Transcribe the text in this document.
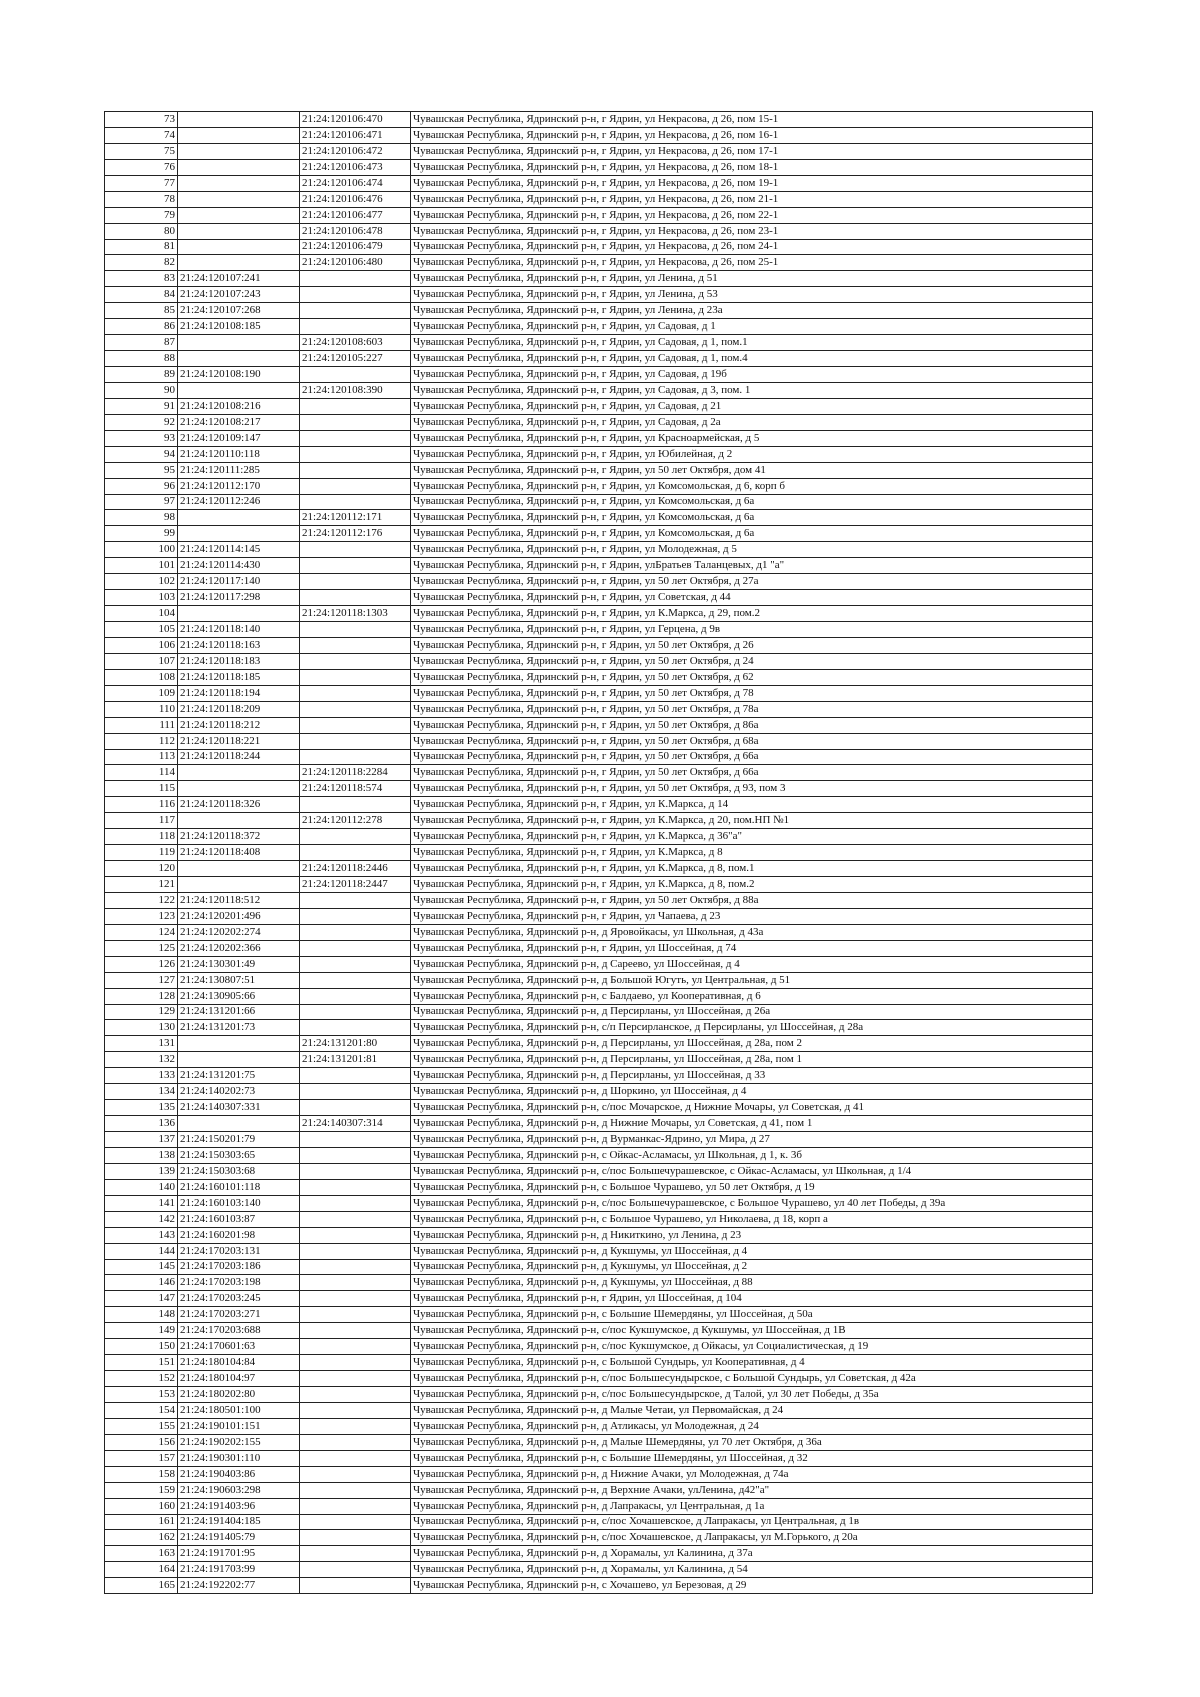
73		21:24:120106:470	Чувашская Республика, Ядринский р-н, г Ядрин, ул Некрасова, д 26, пом 15-1
74		21:24:120106:471	Чувашская Республика, Ядринский р-н, г Ядрин, ул Некрасова, д 26, пом 16-1
75		21:24:120106:472	Чувашская Республика, Ядринский р-н, г Ядрин, ул Некрасова, д 26, пом 17-1
76		21:24:120106:473	Чувашская Республика, Ядринский р-н, г Ядрин, ул Некрасова, д 26, пом 18-1
77		21:24:120106:474	Чувашская Республика, Ядринский р-н, г Ядрин, ул Некрасова, д 26, пом 19-1
78		21:24:120106:476	Чувашская Республика, Ядринский р-н, г Ядрин, ул Некрасова, д 26, пом 21-1
79		21:24:120106:477	Чувашская Республика, Ядринский р-н, г Ядрин, ул Некрасова, д 26, пом 22-1
80		21:24:120106:478	Чувашская Республика, Ядринский р-н, г Ядрин, ул Некрасова, д 26, пом 23-1
81		21:24:120106:479	Чувашская Республика, Ядринский р-н, г Ядрин, ул Некрасова, д 26, пом 24-1
82		21:24:120106:480	Чувашская Республика, Ядринский р-н, г Ядрин, ул Некрасова, д 26, пом 25-1
83	21:24:120107:241		Чувашская Республика, Ядринский р-н, г Ядрин, ул Ленина, д 51
84	21:24:120107:243		Чувашская Республика, Ядринский р-н, г Ядрин, ул Ленина, д 53
85	21:24:120107:268		Чувашская Республика, Ядринский р-н, г Ядрин, ул Ленина, д 23а
86	21:24:120108:185		Чувашская Республика, Ядринский р-н, г Ядрин, ул Садовая, д 1
87		21:24:120108:603	Чувашская Республика, Ядринский р-н, г Ядрин, ул Садовая, д 1, пом.1
88		21:24:120105:227	Чувашская Республика, Ядринский р-н, г Ядрин, ул Садовая, д 1, пом.4
89	21:24:120108:190		Чувашская Республика, Ядринский р-н, г Ядрин, ул Садовая, д 19б
90		21:24:120108:390	Чувашская Республика, Ядринский р-н, г Ядрин, ул Садовая, д 3, пом. 1
91	21:24:120108:216		Чувашская Республика, Ядринский р-н, г Ядрин, ул Садовая, д 21
92	21:24:120108:217		Чувашская Республика, Ядринский р-н, г Ядрин, ул Садовая, д 2а
93	21:24:120109:147		Чувашская Республика, Ядринский р-н, г Ядрин, ул Красноармейская, д 5
94	21:24:120110:118		Чувашская Республика, Ядринский р-н, г Ядрин, ул Юбилейная, д 2
95	21:24:120111:285		Чувашская Республика, Ядринский р-н, г Ядрин, ул 50 лет Октября, дом 41
96	21:24:120112:170		Чувашская Республика, Ядринский р-н, г Ядрин, ул Комсомольская, д 6, корп б
97	21:24:120112:246		Чувашская Республика, Ядринский р-н, г Ядрин, ул Комсомольская, д 6а
98		21:24:120112:171	Чувашская Республика, Ядринский р-н, г Ядрин, ул Комсомольская, д 6а
99		21:24:120112:176	Чувашская Республика, Ядринский р-н, г Ядрин, ул Комсомольская, д 6а
100	21:24:120114:145		Чувашская Республика, Ядринский р-н, г Ядрин, ул Молодежная, д 5
101	21:24:120114:430		Чувашская Республика, Ядринский р-н, г Ядрин, улБратьев Таланцевых, д1 "а"
102	21:24:120117:140		Чувашская Республика, Ядринский р-н, г Ядрин, ул 50 лет Октября, д 27а
103	21:24:120117:298		Чувашская Республика, Ядринский р-н, г Ядрин, ул Советская, д 44
104		21:24:120118:1303	Чувашская Республика, Ядринский р-н, г Ядрин, ул К.Маркса, д 29, пом.2
105	21:24:120118:140		Чувашская Республика, Ядринский р-н, г Ядрин, ул Герцена, д 9в
106	21:24:120118:163		Чувашская Республика, Ядринский р-н, г Ядрин, ул 50 лет Октября, д 26
107	21:24:120118:183		Чувашская Республика, Ядринский р-н, г Ядрин, ул 50 лет Октября, д 24
108	21:24:120118:185		Чувашская Республика, Ядринский р-н, г Ядрин, ул 50 лет Октября, д 62
109	21:24:120118:194		Чувашская Республика, Ядринский р-н, г Ядрин, ул 50 лет Октября, д 78
110	21:24:120118:209		Чувашская Республика, Ядринский р-н, г Ядрин, ул 50 лет Октября, д 78а
111	21:24:120118:212		Чувашская Республика, Ядринский р-н, г Ядрин, ул 50 лет Октября, д 86а
112	21:24:120118:221		Чувашская Республика, Ядринский р-н, г Ядрин, ул 50 лет Октября, д 68а
113	21:24:120118:244		Чувашская Республика, Ядринский р-н, г Ядрин, ул 50 лет Октября, д 66а
114		21:24:120118:2284	Чувашская Республика, Ядринский р-н, г Ядрин, ул 50 лет Октября, д 66а
115		21:24:120118:574	Чувашская Республика, Ядринский р-н, г Ядрин, ул 50 лет Октября, д 93, пом 3
116	21:24:120118:326		Чувашская Республика, Ядринский р-н, г Ядрин, ул К.Маркса, д 14
117		21:24:120112:278	Чувашская Республика, Ядринский р-н, г Ядрин, ул К.Маркса, д 20, пом.НП №1
118	21:24:120118:372		Чувашская Республика, Ядринский р-н, г Ядрин, ул К.Маркса, д 36"а"
119	21:24:120118:408		Чувашская Республика, Ядринский р-н, г Ядрин, ул К.Маркса, д 8
120		21:24:120118:2446	Чувашская Республика, Ядринский р-н, г Ядрин, ул К.Маркса, д 8, пом.1
121		21:24:120118:2447	Чувашская Республика, Ядринский р-н, г Ядрин, ул К.Маркса, д 8, пом.2
122	21:24:120118:512		Чувашская Республика, Ядринский р-н, г Ядрин, ул 50 лет Октября, д 88а
123	21:24:120201:496		Чувашская Республика, Ядринский р-н, г Ядрин, ул Чапаева, д 23
124	21:24:120202:274		Чувашская Республика, Ядринский р-н, д Яровойкасы, ул Школьная, д 43а
125	21:24:120202:366		Чувашская Республика, Ядринский р-н, г Ядрин, ул Шоссейная, д 74
126	21:24:130301:49		Чувашская Республика, Ядринский р-н, д Сареево, ул Шоссейная, д 4
127	21:24:130807:51		Чувашская Республика, Ядринский р-н, д Большой Югуть, ул Центральная, д 51
128	21:24:130905:66		Чувашская Республика, Ядринский р-н, с Балдаево, ул Кооперативная, д 6
129	21:24:131201:66		Чувашская Республика, Ядринский р-н, д Персирланы, ул Шоссейная, д 26а
130	21:24:131201:73		Чувашская Республика, Ядринский р-н, с/п Персирланское, д Персирланы, ул Шоссейная, д 28а
131		21:24:131201:80	Чувашская Республика, Ядринский р-н, д Персирланы, ул Шоссейная, д 28а, пом 2
132		21:24:131201:81	Чувашская Республика, Ядринский р-н, д Персирланы, ул Шоссейная, д 28а, пом 1
133	21:24:131201:75		Чувашская Республика, Ядринский р-н, д Персирланы, ул Шоссейная, д 33
134	21:24:140202:73		Чувашская Республика, Ядринский р-н, д Шоркино, ул Шоссейная, д 4
135	21:24:140307:331		Чувашская Республика, Ядринский р-н, с/пос Мочарское, д Нижние Мочары, ул Советская, д 41
136		21:24:140307:314	Чувашская Республика, Ядринский р-н, д Нижние Мочары, ул Советская, д 41, пом 1
137	21:24:150201:79		Чувашская Республика, Ядринский р-н, д Вурманкас-Ядрино, ул Мира, д 27
138	21:24:150303:65		Чувашская Республика, Ядринский р-н, с Ойкас-Асламасы, ул Школьная, д 1, к. 3б
139	21:24:150303:68		Чувашская Республика, Ядринский р-н, с/пос Большечурашевское, с Ойкас-Асламасы, ул Школьная, д 1/4
140	21:24:160101:118		Чувашская Республика, Ядринский р-н, с Большое Чурашево, ул 50 лет Октября, д 19
141	21:24:160103:140		Чувашская Республика, Ядринский р-н, с/пос Большечурашевское, с Большое Чурашево, ул 40 лет Победы, д 39а
142	21:24:160103:87		Чувашская Республика, Ядринский р-н, с Большое Чурашево, ул Николаева, д 18, корп а
143	21:24:160201:98		Чувашская Республика, Ядринский р-н, д Никиткино, ул Ленина, д 23
144	21:24:170203:131		Чувашская Республика, Ядринский р-н, д Кукшумы, ул Шоссейная, д 4
145	21:24:170203:186		Чувашская Республика, Ядринский р-н, д Кукшумы, ул Шоссейная, д 2
146	21:24:170203:198		Чувашская Республика, Ядринский р-н, д Кукшумы, ул Шоссейная, д 88
147	21:24:170203:245		Чувашская Республика, Ядринский р-н, г Ядрин, ул Шоссейная, д 104
148	21:24:170203:271		Чувашская Республика, Ядринский р-н, с Большие Шемердяны, ул Шоссейная, д 50а
149	21:24:170203:688		Чувашская Республика, Ядринский р-н, с/пос Кукшумское, д Кукшумы, ул Шоссейная, д 1В
150	21:24:170601:63		Чувашская Республика, Ядринский р-н, с/пос Кукшумское, д Ойкасы, ул Социалистическая, д 19
151	21:24:180104:84		Чувашская Республика, Ядринский р-н, с Большой Сундырь, ул Кооперативная, д 4
152	21:24:180104:97		Чувашская Республика, Ядринский р-н, с/пос Большесундырское, с Большой Сундырь, ул Советская, д 42а
153	21:24:180202:80		Чувашская Республика, Ядринский р-н, с/пос Большесундырское, д Талой, ул 30 лет Победы, д 35а
154	21:24:180501:100		Чувашская Республика, Ядринский р-н, д Малые Четаи, ул Первомайская, д 24
155	21:24:190101:151		Чувашская Республика, Ядринский р-н, д Атликасы, ул Молодежная, д 24
156	21:24:190202:155		Чувашская Республика, Ядринский р-н, д Малые Шемердяны, ул 70 лет Октября, д 36а
157	21:24:190301:110		Чувашская Республика, Ядринский р-н, с Большие Шемердяны, ул Шоссейная, д 32
158	21:24:190403:86		Чувашская Республика, Ядринский р-н, д Нижние Ачаки, ул Молодежная, д 74а
159	21:24:190603:298		Чувашская Республика, Ядринский р-н, д Верхние Ачаки, улЛенина, д42"а"
160	21:24:191403:96		Чувашская Республика, Ядринский р-н, д Лапракасы, ул Центральная, д 1а
161	21:24:191404:185		Чувашская Республика, Ядринский р-н, с/пос Хочашевское, д Лапракасы, ул Центральная, д 1в
162	21:24:191405:79		Чувашская Республика, Ядринский р-н, с/пос Хочашевское, д Лапракасы, ул М.Горького, д 20а
163	21:24:191701:95		Чувашская Республика, Ядринский р-н, д Хорамалы, ул Калинина, д 37а
164	21:24:191703:99		Чувашская Республика, Ядринский р-н, д Хорамалы, ул Калинина, д 54
165	21:24:192202:77		Чувашская Республика, Ядринский р-н, с Хочашево, ул Березовая, д 29
